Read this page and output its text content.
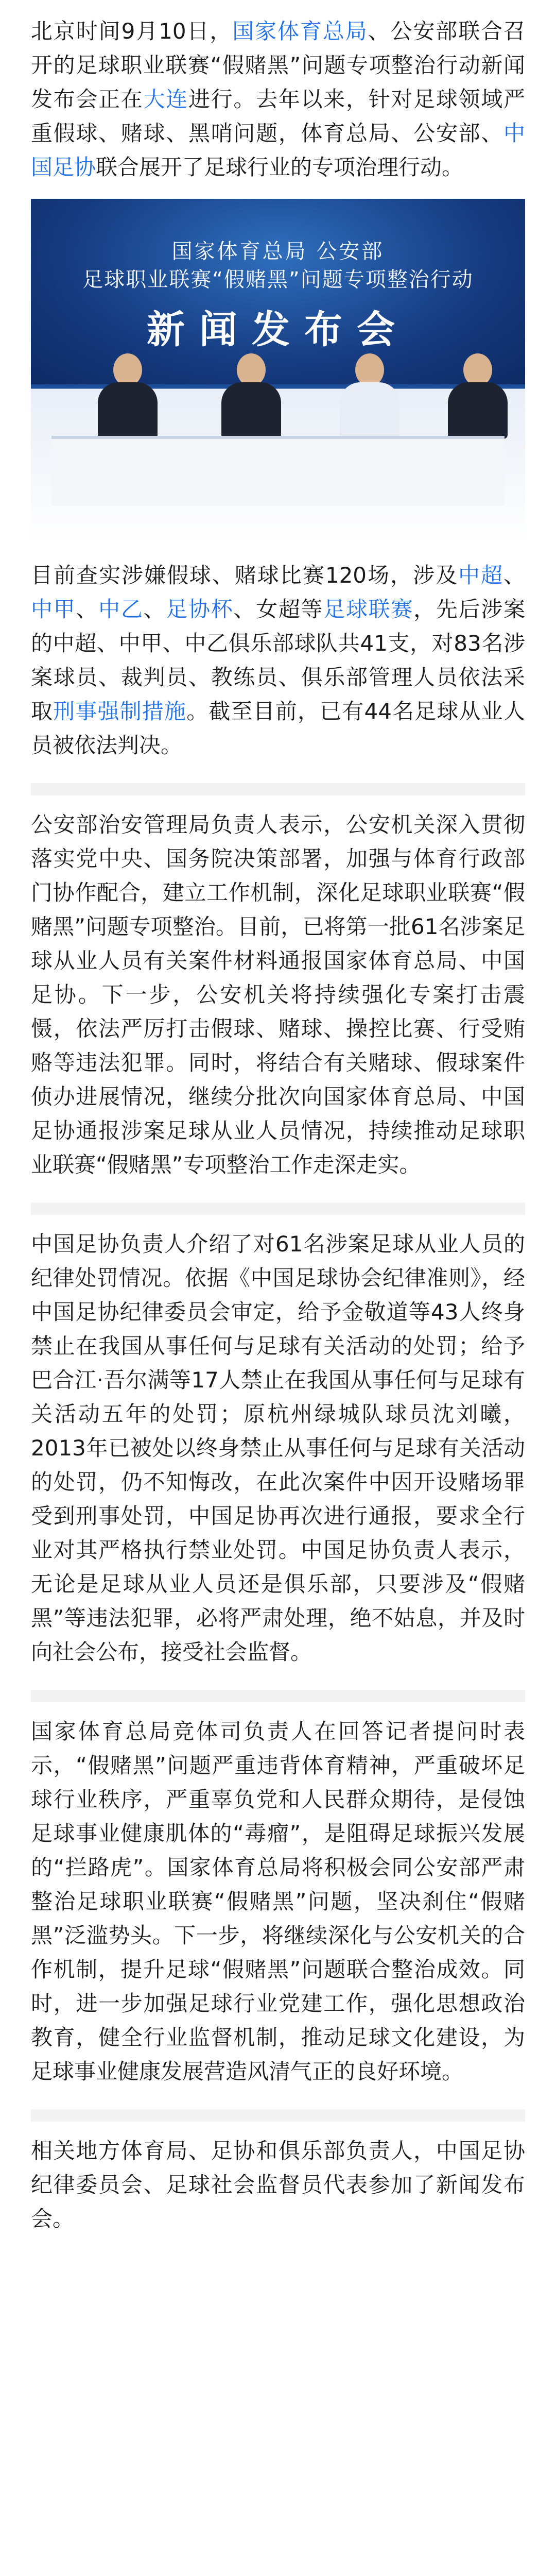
北京时间9月10日，国家体育总局、公安部联合召开的足球职业联赛“假赌黑”问题专项整治行动新闻发布会正在大连进行。去年以来，针对足球领域严重假球、赌球、黑哨问题，体育总局、公安部、中国足协联合展开了足球行业的专项治理行动。

国家体育总局 公安部
足球职业联赛“假赌黑”问题专项整治行动
新闻发布会

目前查实涉嫌假球、赌球比赛120场，涉及中超、中甲、中乙、足协杯、女超等足球联赛，先后涉案的中超、中甲、中乙俱乐部球队共41支，对83名涉案球员、裁判员、教练员、俱乐部管理人员依法采取刑事强制措施。截至目前，已有44名足球从业人员被依法判决。

公安部治安管理局负责人表示，公安机关深入贯彻落实党中央、国务院决策部署，加强与体育行政部门协作配合，建立工作机制，深化足球职业联赛“假赌黑”问题专项整治。目前，已将第一批61名涉案足球从业人员有关案件材料通报国家体育总局、中国足协。下一步，公安机关将持续强化专案打击震慑，依法严厉打击假球、赌球、操控比赛、行受贿赂等违法犯罪。同时，将结合有关赌球、假球案件侦办进展情况，继续分批次向国家体育总局、中国足协通报涉案足球从业人员情况，持续推动足球职业联赛“假赌黑”专项整治工作走深走实。

中国足协负责人介绍了对61名涉案足球从业人员的纪律处罚情况。依据《中国足球协会纪律准则》，经中国足协纪律委员会审定，给予金敬道等43人终身禁止在我国从事任何与足球有关活动的处罚；给予巴合江·吾尔满等17人禁止在我国从事任何与足球有关活动五年的处罚；原杭州绿城队球员沈刘曦，2013年已被处以终身禁止从事任何与足球有关活动的处罚，仍不知悔改，在此次案件中因开设赌场罪受到刑事处罚，中国足协再次进行通报，要求全行业对其严格执行禁业处罚。中国足协负责人表示，无论是足球从业人员还是俱乐部，只要涉及“假赌黑”等违法犯罪，必将严肃处理，绝不姑息，并及时向社会公布，接受社会监督。

国家体育总局竞体司负责人在回答记者提问时表示，“假赌黑”问题严重违背体育精神，严重破坏足球行业秩序，严重辜负党和人民群众期待，是侵蚀足球事业健康肌体的“毒瘤”，是阻碍足球振兴发展的“拦路虎”。国家体育总局将积极会同公安部严肃整治足球职业联赛“假赌黑”问题，坚决刹住“假赌黑”泛滥势头。下一步，将继续深化与公安机关的合作机制，提升足球“假赌黑”问题联合整治成效。同时，进一步加强足球行业党建工作，强化思想政治教育，健全行业监督机制，推动足球文化建设，为足球事业健康发展营造风清气正的良好环境。

相关地方体育局、足协和俱乐部负责人，中国足协纪律委员会、足球社会监督员代表参加了新闻发布会。
